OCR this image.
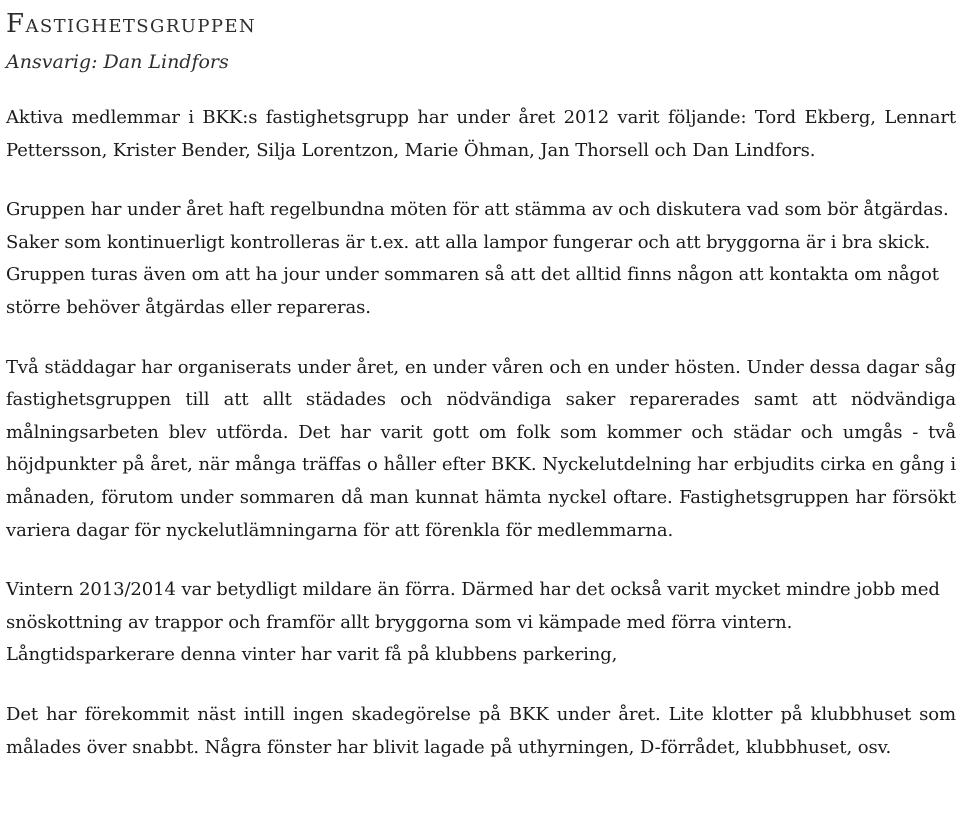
Fastighetsgruppen

Ansvarig: Dan Lindfors

Aktiva medlemmar i BKK:s fastighetsgrupp har under året 2012 varit följande: Tord Ekberg, Lennart Pettersson, Krister Bender, Silja Lorentzon, Marie Öhman, Jan Thorsell och Dan Lindfors.

Gruppen har under året haft regelbundna möten för att stämma av och diskutera vad som bör åtgärdas. Saker som kontinuerligt kontrolleras är t.ex. att alla lampor fungerar och att bryggorna är i bra skick. Gruppen turas även om att ha jour under sommaren så att det alltid finns någon att kontakta om något större behöver åtgärdas eller repareras.

Två städdagar har organiserats under året, en under våren och en under hösten. Under dessa dagar såg fastighetsgruppen till att allt städades och nödvändiga saker reparerades samt att nödvändiga målningsarbeten blev utförda. Det har varit gott om folk som kommer och städar och umgås - två höjdpunkter på året, när många träffas o håller efter BKK. Nyckelutdelning har erbjudits cirka en gång i månaden, förutom under sommaren då man kunnat hämta nyckel oftare. Fastighetsgruppen har försökt variera dagar för nyckelutlämningarna för att förenkla för medlemmarna.

Vintern 2013/2014 var betydligt mildare än förra. Därmed har det också varit mycket mindre jobb med snöskottning av trappor och framför allt bryggorna som vi kämpade med förra vintern. Långtidsparkerare denna vinter har varit få på klubbens parkering,

Det har förekommit näst intill ingen skadegörelse på BKK under året. Lite klotter på klubbhuset som målades över snabbt. Några fönster har blivit lagade på uthyrningen, D-förrådet, klubbhuset, osv.
